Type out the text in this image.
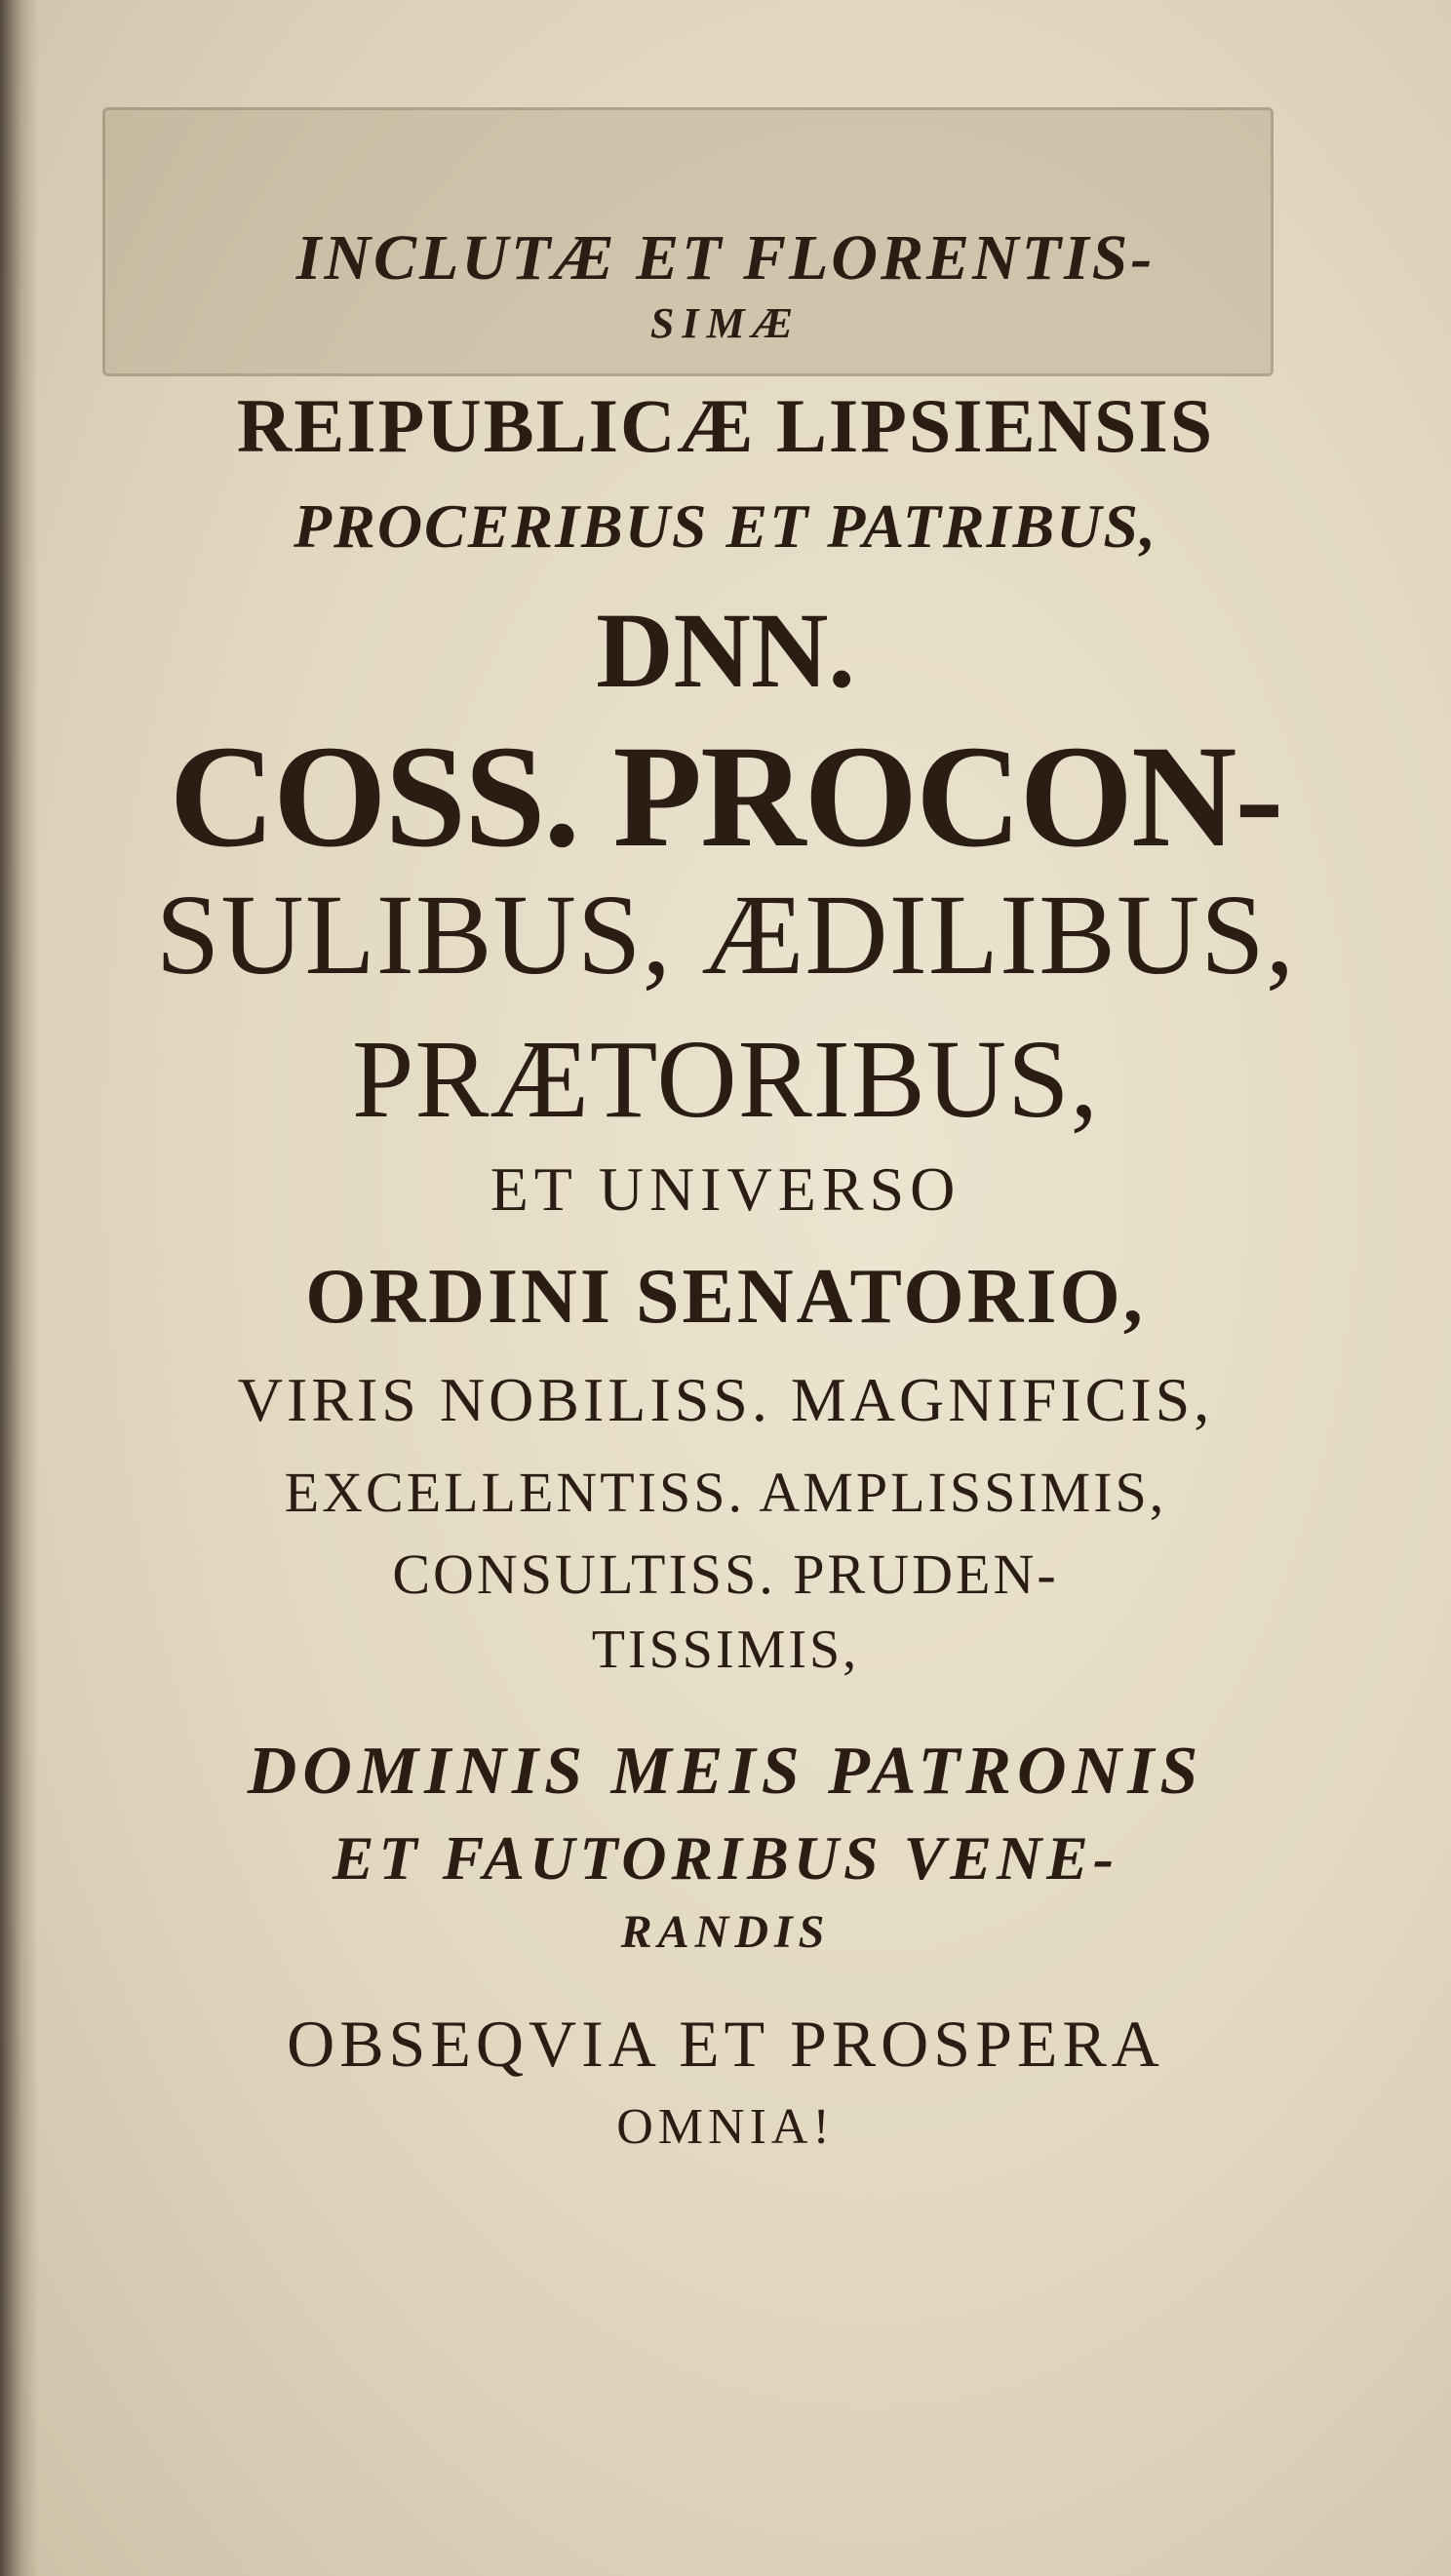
INCLUTÆ ET FLORENTIS-
SIMÆ
REIPUBLICÆ LIPSIENSIS
PROCERIBUS ET PATRIBUS,
DNN.
COSS. PROCON-
SULIBUS, ÆDILIBUS,
PRÆTORIBUS,
ET UNIVERSO
ORDINI SENATORIO,
VIRIS NOBILISS. MAGNIFICIS,
EXCELLENTISS. AMPLISSIMIS,
CONSULTISS. PRUDEN-
TISSIMIS,
DOMINIS MEIS PATRONIS
ET FAUTORIBUS VENE-
RANDIS
OBSEQVIA ET PROSPERA
OMNIA!
